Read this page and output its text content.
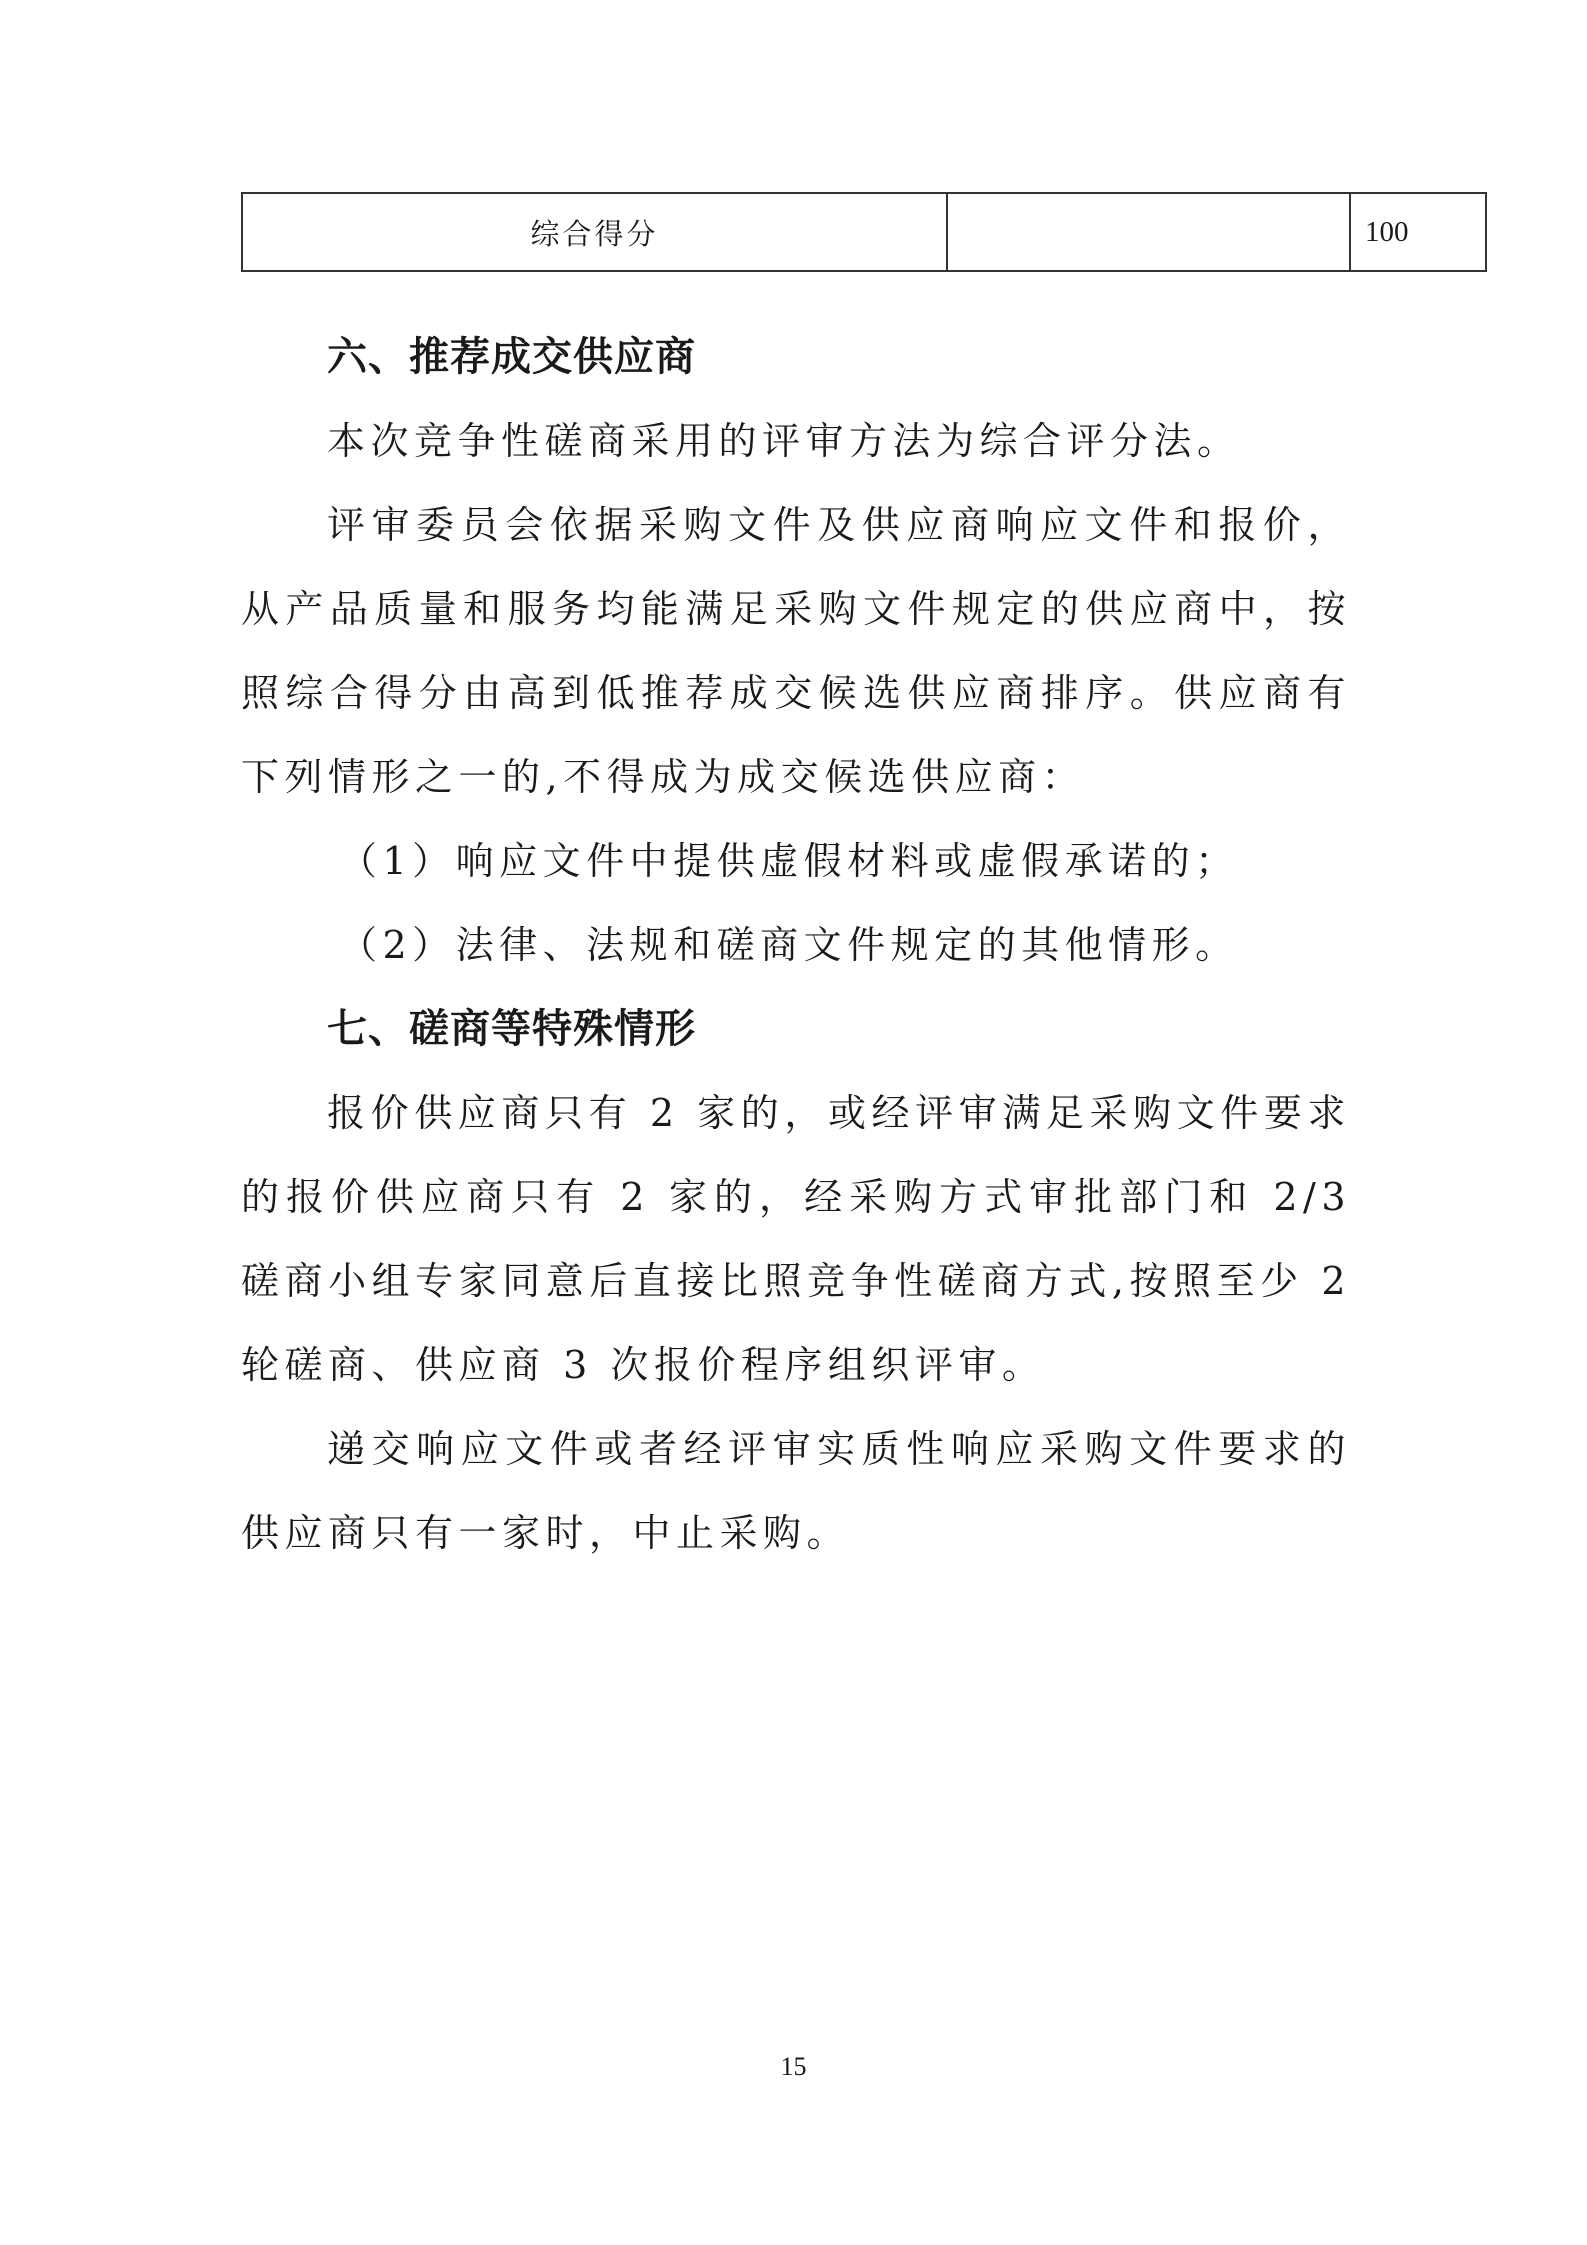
综合得分		100
六、推荐成交供应商

本次竞争性磋商采用的评审方法为综合评分法。

评审委员会依据采购文件及供应商响应文件和报价，从产品质量和服务均能满足采购文件规定的供应商中，按照综合得分由高到低推荐成交候选供应商排序。供应商有下列情形之一的,不得成为成交候选供应商：

（1）响应文件中提供虚假材料或虚假承诺的；

（2）法律、法规和磋商文件规定的其他情形。

七、磋商等特殊情形

报价供应商只有 2 家的，或经评审满足采购文件要求的报价供应商只有 2 家的，经采购方式审批部门和 2/3 磋商小组专家同意后直接比照竞争性磋商方式,按照至少 2 轮磋商、供应商 3 次报价程序组织评审。

递交响应文件或者经评审实质性响应采购文件要求的供应商只有一家时，中止采购。

15
